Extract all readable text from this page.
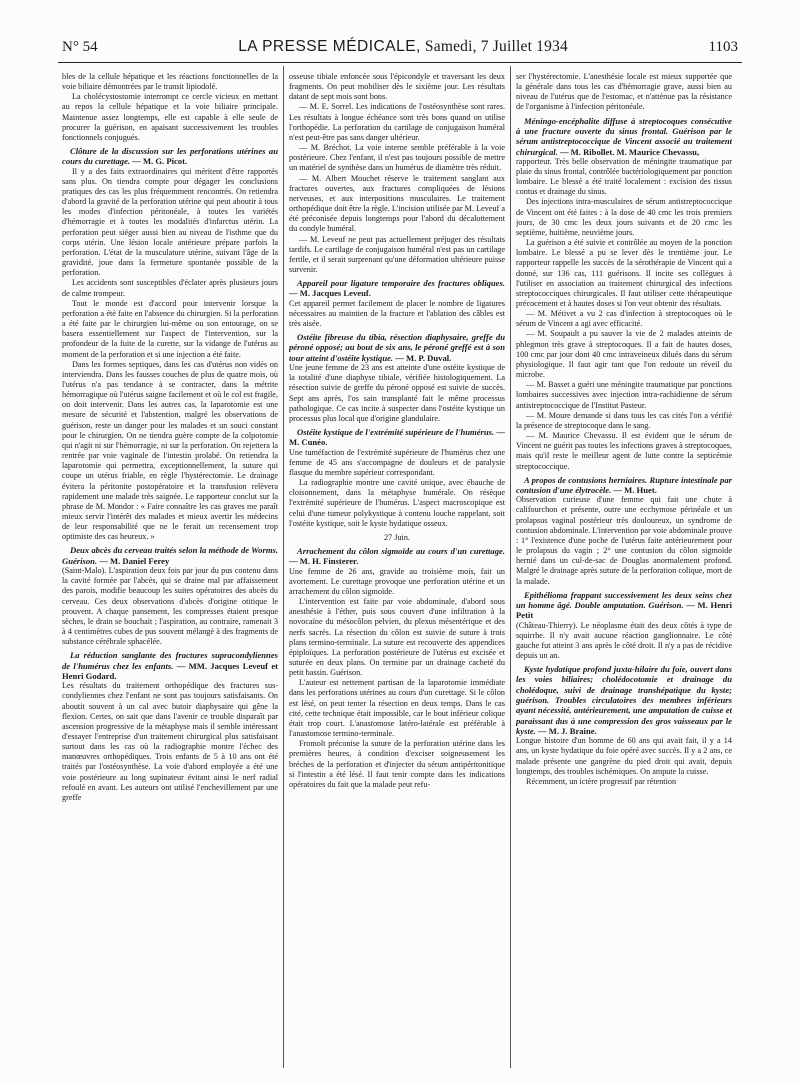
N° 54	LA PRESSE MÉDICALE, Samedi, 7 Juillet 1934	1103

bles de la cellule hépatique et les réactions fonctionnelles de la voie biliaire démontrées par le transit lipiodolé.

La cholécystostomie interrompt ce cercle vicieux en mettant au repos la cellule hépatique et la voie biliaire principale. Maintenue assez longtemps, elle est capable à elle seule de procurer la guérison, en apaisant successivement les troubles fonctionnels conjugués.

Clôture de la discussion sur les perforations utérines au cours du curettage. — M. G. Picot.

Il y a des faits extraordinaires qui méritent d'être rapportés sans plus. On tiendra compte pour dégager les conclusions pratiques des cas les plus fréquemment rencontrés. On retiendra d'abord la gravité de la perforation utérine qui peut aboutir à tous les modes d'infection péritonéale, à toutes les variétés d'hémorragie et à toutes les modalités d'infarctus utérin. La perforation peut siéger aussi bien au niveau de l'isthme que du corps utérin. Une lésion locale antérieure prépare parfois la perforation. L'état de la musculature utérine, suivant l'âge de la gravidité, joue dans la fermeture spontanée possible de la perforation.

Les accidents sont susceptibles d'éclater après plusieurs jours de calme trompeur.

Tout le monde est d'accord pour intervenir lorsque la perforation a été faite en l'absence du chirurgien. Si la perforation a été faite par le chirurgien lui-même ou son entourage, on se basera essentiellement sur l'aspect de l'intervention, sur la profondeur de la fuite de la curette, sur la vidange de l'utérus au moment de la perforation et si une injection a été faite.

Dans les formes septiques, dans les cas d'utérus non vidés on interviendra. Dans les fausses couches de plus de quatre mois, où l'utérus n'a pas tendance à se contracter, dans la métrite hémorragique où l'utérus saigne facilement et où le col est fragile, on doit intervenir. Dans les autres cas, la laparotomie est une mesure de sécurité et l'abstention, malgré les observations de guérison, reste un danger pour les malades et un souci constant pour le chirurgien. On ne tiendra guère compte de la colpotomie qui n'agit ni sur l'hémorragie, ni sur la perforation. On rejettera la rentrée par voie vaginale de l'intestin prolabé. On retiendra la laparotomie qui permettra, exceptionnellement, la suture qui coupe un utérus friable, en règle l'hystérectomie. Le drainage évitera la péritonite postopératoire et la transfusion relèvera rapidement une malade très saignée. Le rapporteur conclut sur la phrase de M. Mondor : « Faire connaître les cas graves me paraît mieux servir l'intérêt des malades et mieux avertir les médecins de leur responsabilité que ne le ferait un recensement trop optimiste des cas heureux. »

Deux abcès du cerveau traités selon la méthode de Worms. Guérison. — M. Daniel Ferey

(Saint-Malo). L'aspiration deux fois par jour du pus contenu dans la cavité formée par l'abcès, qui se draine mal par affaissement des parois, modifie beaucoup les suites opératoires des abcès du cerveau. Ces deux observations d'abcès d'origine otitique le prouvent. A chaque pansement, les compresses étaient presque sèches, le drain se bouchait ; l'aspiration, au contraire, ramenait 3 à 4 centimètres cubes de pus souvent mélangé à des fragments de substance cérébrale sphacélée.

La réduction sanglante des fractures supracondyliennes de l'humérus chez les enfants. — MM. Jacques Leveuf et Henri Godard.

Les résultats du traitement orthopédique des fractures sus-condyliennes chez l'enfant ne sont pas toujours satisfaisants. On aboutit souvent à un cal avec butoir diaphysaire qui gêne la flexion. Certes, on sait que dans l'avenir ce trouble disparaît par ascension progressive de la métaphyse mais il semble intéressant d'essayer l'entreprise d'un traitement chirurgical plus satisfaisant surtout dans les cas où la radiographie montre l'échec des manœuvres orthopédiques. Trois enfants de 5 à 10 ans ont été traités par l'ostéosynthèse. La voie d'abord employée a été une voie postérieure au long supinateur évitant ainsi le nerf radial refoulé en avant. Les auteurs ont utilisé l'enchevillement par une greffe

osseuse tibiale enfoncée sous l'épicondyle et traversant les deux fragments. On peut mobiliser dès le sixième jour. Les résultats datant de sept mois sont bons.

— M. E. Sorrel. Les indications de l'ostéosynthèse sont rares. Les résultats à longue échéance sont très bons quand on utilise l'orthopédie. La perforation du cartilage de conjugaison huméral n'est peut-être pas sans danger ultérieur.

— M. Bréchot. La voie interne semble préférable à la voie postérieure. Chez l'enfant, il n'est pas toujours possible de mettre un matériel de synthèse dans un humérus de diamètre très réduit.

— M. Albert Mouchet réserve le traitement sanglant aux fractures ouvertes, aux fractures compliquées de lésions nerveuses, et aux interpositions musculaires. Le traitement orthopédique doit être la règle. L'incision utilisée par M. Leveuf a été préconisée depuis longtemps pour l'abord du décalottement du condyle huméral.

— M. Leveuf ne peut pas actuellement préjuger des résultats tardifs. Le cartilage de conjugaison huméral n'est pas un cartilage fertile, et il serait surprenant qu'une déformation ultérieure puisse survenir.

Appareil pour ligature temporaire des fractures obliques. — M. Jacques Leveuf.

Cet appareil permet facilement de placer le nombre de ligatures nécessaires au maintien de la fracture et l'ablation des câbles est très aisée.

Ostéite fibreuse du tibia, résection diaphysaire, greffe du péroné opposé; au bout de six ans, le péroné greffé est à son tour atteint d'ostéite kystique. — M. P. Duval.

Une jeune femme de 23 ans est atteinte d'une ostéite kystique de la totalité d'une diaphyse tibiale, vérifiée histologiquement. La résection suivie de greffe du péroné opposé est suivie de succès. Sept ans après, l'os sain transplanté fait le même processus pathologique. Ce cas incite à suspecter dans l'ostéite kystique un processus plus local que d'origine glandulaire.

Ostéite kystique de l'extrémité supérieure de l'humérus. — M. Cunéo.

Une tuméfaction de l'extrémité supérieure de l'humérus chez une femme de 45 ans s'accompagne de douleurs et de paralysie flasque du membre supérieur correspondant.

La radiographie montre une cavité unique, avec ébauche de cloisonnement, dans la métaphyse humérale. On résèque l'extrémité supérieure de l'humérus. L'aspect macroscopique est celui d'une tumeur polykystique à contenu louche rappelant, soit l'ostéite kystique, soit le kyste hydatique osseux.

27 Juin.

Arrachement du côlon sigmoïde au cours d'un curettage. — M. H. Finsterer.

Une femme de 26 ans, gravide au troisième mois, fait un avortement. Le curettage provoque une perforation utérine et un arrachement du côlon sigmoïde.

L'intervention est faite par voie abdominale, d'abord sous anesthésie à l'éther, puis sous couvert d'une infiltration à la novocaïne du mésocôlon pelvien, du plexus mésentérique et des nerfs sacrés. La résection du côlon est suivie de suture à trois plans termino-terminale. La suture est recouverte des appendices épiploïques. La perforation postérieure de l'utérus est excisée et suturée en deux plans. On termine par un drainage cacheté du petit bassin. Guérison.

L'auteur est nettement partisan de la laparotomie immédiate dans les perforations utérines au cours d'un curettage. Si le côlon est lésé, on peut tenter la résection en deux temps. Dans le cas cité, cette technique était impossible, car le bout inférieur colique était trop court. L'anastomose latéro-latérale est préférable à l'anastomose termino-terminale.

Fromolt préconise la suture de la perforation utérine dans les premières heures, à condition d'exciser soigneusement les bréches de la perforation et d'injecter du sérum antipéritonitique si l'intestin a été lésé. Il faut tenir compte dans les indications opératoires du fait que la malade peut refu-

ser l'hystérectomie. L'anesthésie locale est mieux supportée que la générale dans tous les cas d'hémorragie grave, aussi bien au niveau de l'utérus que de l'estomac, et n'atténue pas la résistance de l'organisme à l'infection péritonéale.

Méningo-encéphalite diffuse à streptocoques consécutive à une fracture ouverte du sinus frontal. Guérison par le sérum antistreptococcique de Vincent associé au traitement chirurgical. — M. Ribollet. M. Maurice Chevassu,

rapporteur. Très belle observation de méningite traumatique par plaie du sinus frontal, contrôlée bactériologiquement par ponction lombaire. Le blessé a été traité localement : excision des tissus contus et drainage du sinus.

Des injections intra-musculaires de sérum antistreptococcique de Vincent ont été faites : à la dose de 40 cmc les trois premiers jours, de 30 cmc les deux jours suivants et de 20 cmc les septième, huitième, neuvième jours.

La guérison a été suivie et contrôlée au moyen de la ponction lombaire. Le blessé a pu se lever dès le trentième jour. Le rapporteur rappelle les succès de la sérothérapie de Vincent qui a donné, sur 136 cas, 111 guérisons. Il incite ses collègues à l'utiliser en association au traitement chirurgical des infections streptococciques chirurgicales. Il faut utiliser cette thérapeutique précocement et à hautes doses si l'on veut obtenir des résultats.

— M. Métivet a vu 2 cas d'infection à streptocoques où le sérum de Vincent a agi avec efficacité.

— M. Soupault a pu sauver la vie de 2 malades atteints de phlegmon très grave à streptocoques. Il a fait de hautes doses, 100 cmc par jour dont 40 cmc intraveineux dilués dans du sérum physiologique. Il faut agir tant que l'on redoute un réveil du microbe.

— M. Basset a guéri une méningite traumatique par ponctions lombaires successives avec injection intra-rachidienne de sérum antistreptococcique de l'Institut Pasteur.

— M. Moure demande si dans tous les cas cités l'on a vérifié la présence de streptocoque dans le sang.

— M. Maurice Chevassu. Il est évident que le sérum de Vincent ne guérit pas toutes les infections graves à streptocoques, mais qu'il reste le meilleur agent de lutte contre la septicémie streptococcique.

A propos de contusions herniaires. Rupture intestinale par contusion d'une élytrocèle. — M. Huet.

Observation curieuse d'une femme qui fait une chute à califourchon et présente, outre une ecchymose périnéale et un prolapsus vaginal postérieur très douloureux, un syndrome de contusion abdominale. L'intervention par voie abdominale prouve : 1° l'existence d'une poche de l'utérus faite antérieurement pour le prolapsus du vagin ; 2° une contusion du côlon sigmoïde hernié dans un cul-de-sac de Douglas anormalement profond. Malgré le drainage après suture de la perforation colique, mort de la malade.

Epithélioma frappant successivement les deux seins chez un homme âgé. Double amputation. Guérison. — M. Henri Petit

(Château-Thierry). Le néoplasme était des deux côtés à type de squirrhe. Il n'y avait aucune réaction ganglionnaire. Le côté gauche fut atteint 3 ans après le côté droit. Il n'y a pas de récidive depuis un an.

Kyste hydatique profond juxta-hilaire du foie, ouvert dans les voies biliaires; cholédocotomie et drainage du cholédoque, suivi de drainage transhépatique du kyste; guérison. Troubles circulatoires des membres inférieurs ayant nécessité, antérieurement, une amputation de cuisse et paraissant dus à une compression des gros vaisseaux par le kyste. — M. J. Braine.

Longue histoire d'un homme de 60 ans qui avait fait, il y a 14 ans, un kyste hydatique du foie opéré avec succès. Il y a 2 ans, ce malade présente une gangrène du pied droit qui avait, depuis longtemps, des troubles ischémiques. On ampute la cuisse.

Récemment, un ictère progressif par rétention
